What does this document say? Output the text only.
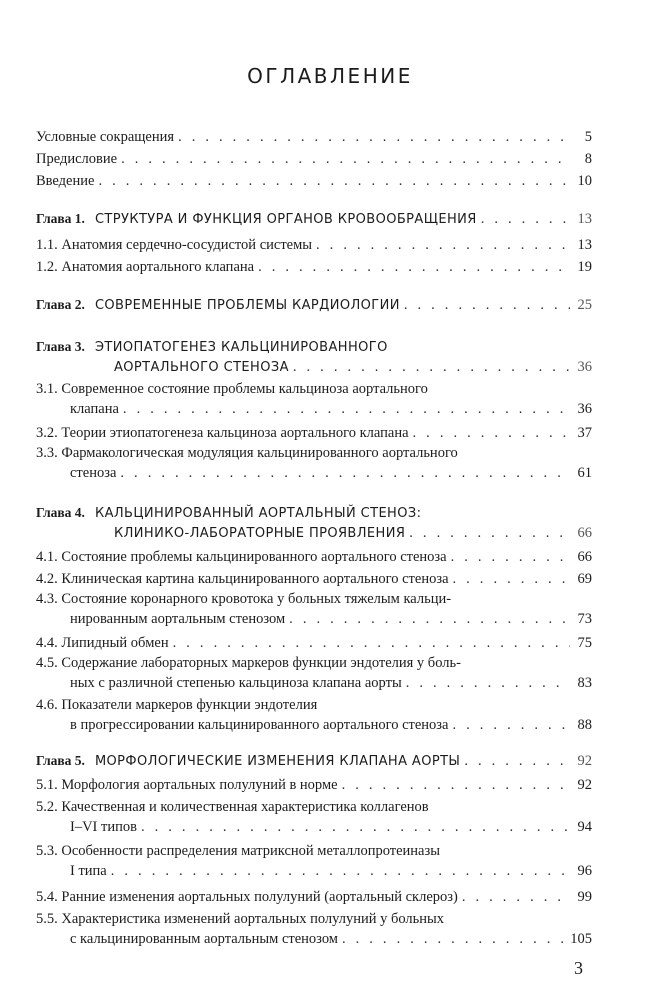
ОГЛАВЛЕНИЕ
Условные сокращения . . .	5
Предисловие . . .	8
Введение . . .	10
Глава 1. СТРУКТУРА И ФУНКЦИЯ ОРГАНОВ КРОВООБРАЩЕНИЯ . . .	13
1.1. Анатомия сердечно-сосудистой системы . . .	13
1.2. Анатомия аортального клапана . . .	19
Глава 2. СОВРЕМЕННЫЕ ПРОБЛЕМЫ КАРДИОЛОГИИ . . .	25
Глава 3. ЭТИОПАТОГЕНЕЗ КАЛЬЦИНИРОВАННОГО
АОРТАЛЬНОГО СТЕНОЗА . . .	36
3.1. Современное состояние проблемы кальциноза аортального
клапана . . .	36
3.2. Теории этиопатогенеза кальциноза аортального клапана . . .	37
3.3. Фармакологическая модуляция кальцинированного аортального
стеноза . . .	61
Глава 4. КАЛЬЦИНИРОВАННЫЙ АОРТАЛЬНЫЙ СТЕНОЗ:
КЛИНИКО-ЛАБОРАТОРНЫЕ ПРОЯВЛЕНИЯ . . .	66
4.1. Состояние проблемы кальцинированного аортального стеноза . . .	66
4.2. Клиническая картина кальцинированного аортального стеноза . . .	69
4.3. Состояние коронарного кровотока у больных тяжелым кальци-
нированным аортальным стенозом . . .	73
4.4. Липидный обмен . . .	75
4.5. Содержание лабораторных маркеров функции эндотелия у боль-
ных с различной степенью кальциноза клапана аорты . . .	83
4.6. Показатели маркеров функции эндотелия
в прогрессировании кальцинированного аортального стеноза . . .	88
Глава 5. МОРФОЛОГИЧЕСКИЕ ИЗМЕНЕНИЯ КЛАПАНА АОРТЫ . . .	92
5.1. Морфология аортальных полулуний в норме . . .	92
5.2. Качественная и количественная характеристика коллагенов
I–VI типов . . .	94
5.3. Особенности распределения матриксной металлопротеиназы
I типа . . .	96
5.4. Ранние изменения аортальных полулуний (аортальный склероз) . . .	99
5.5. Характеристика изменений аортальных полулуний у больных
с кальцинированным аортальным стенозом . . .	105
3
